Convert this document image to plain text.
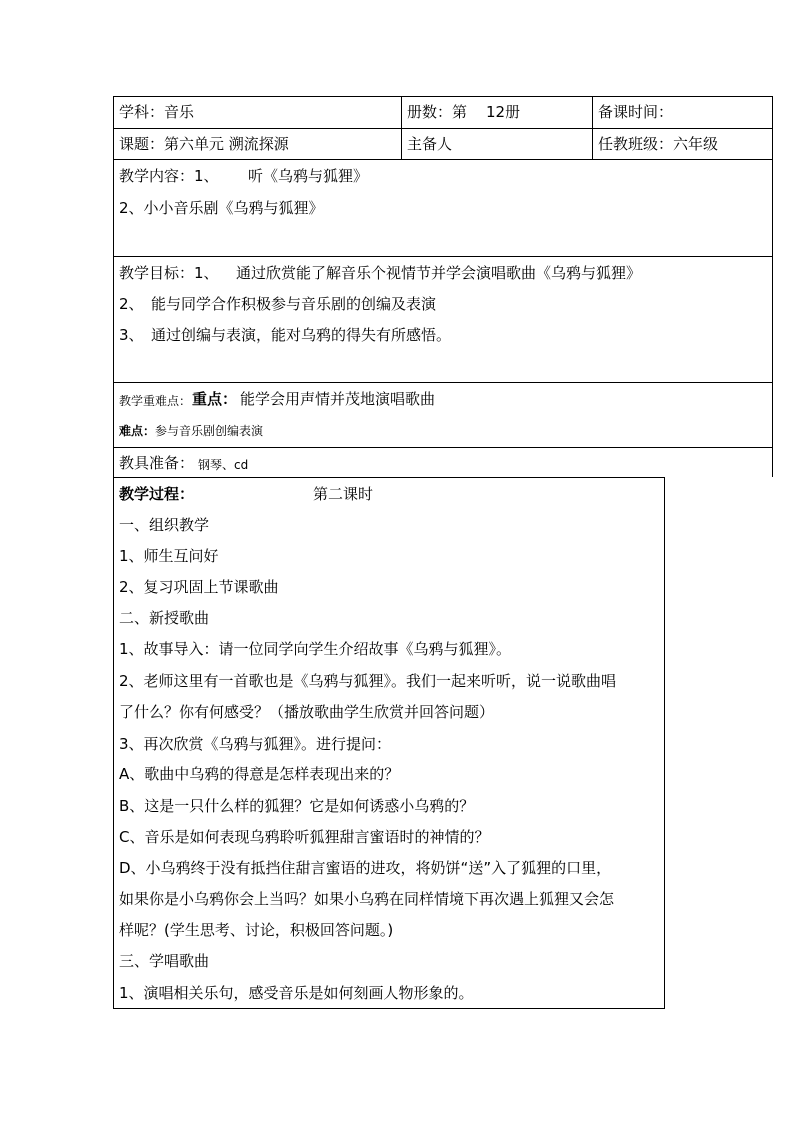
学科：音乐	册数：第 12册	备课时间：
课题：第六单元 溯流探源	主备人	任教班级：六年级
教学内容：1、 听《乌鸦与狐狸》
2、小小音乐剧《乌鸦与狐狸》
教学目标：1、 通过欣赏能了解音乐个视情节并学会演唱歌曲《乌鸦与狐狸》
2、 能与同学合作积极参与音乐剧的创编及表演
3、 通过创编与表演，能对乌鸦的得失有所感悟。
教学重难点： 重点： 能学会用声情并茂地演唱歌曲
难点： 参与音乐剧创编表演
教具准备： 钢琴、cd
教学过程：	第二课时
一、组织教学
1、师生互问好
2、复习巩固上节课歌曲
二、新授歌曲
1、故事导入：请一位同学向学生介绍故事《乌鸦与狐狸》。
2、老师这里有一首歌也是《乌鸦与狐狸》。我们一起来听听，说一说歌曲唱
了什么？你有何感受？（播放歌曲学生欣赏并回答问题）
3、再次欣赏《乌鸦与狐狸》。进行提问：
A、歌曲中乌鸦的得意是怎样表现出来的？
B、这是一只什么样的狐狸？它是如何诱惑小乌鸦的？
C、音乐是如何表现乌鸦聆听狐狸甜言蜜语时的神情的？
D、小乌鸦终于没有抵挡住甜言蜜语的进攻，将奶饼“送”入了狐狸的口里，
如果你是小乌鸦你会上当吗？如果小乌鸦在同样情境下再次遇上狐狸又会怎
样呢？(学生思考、讨论，积极回答问题。)
三、学唱歌曲
1、演唱相关乐句，感受音乐是如何刻画人物形象的。
